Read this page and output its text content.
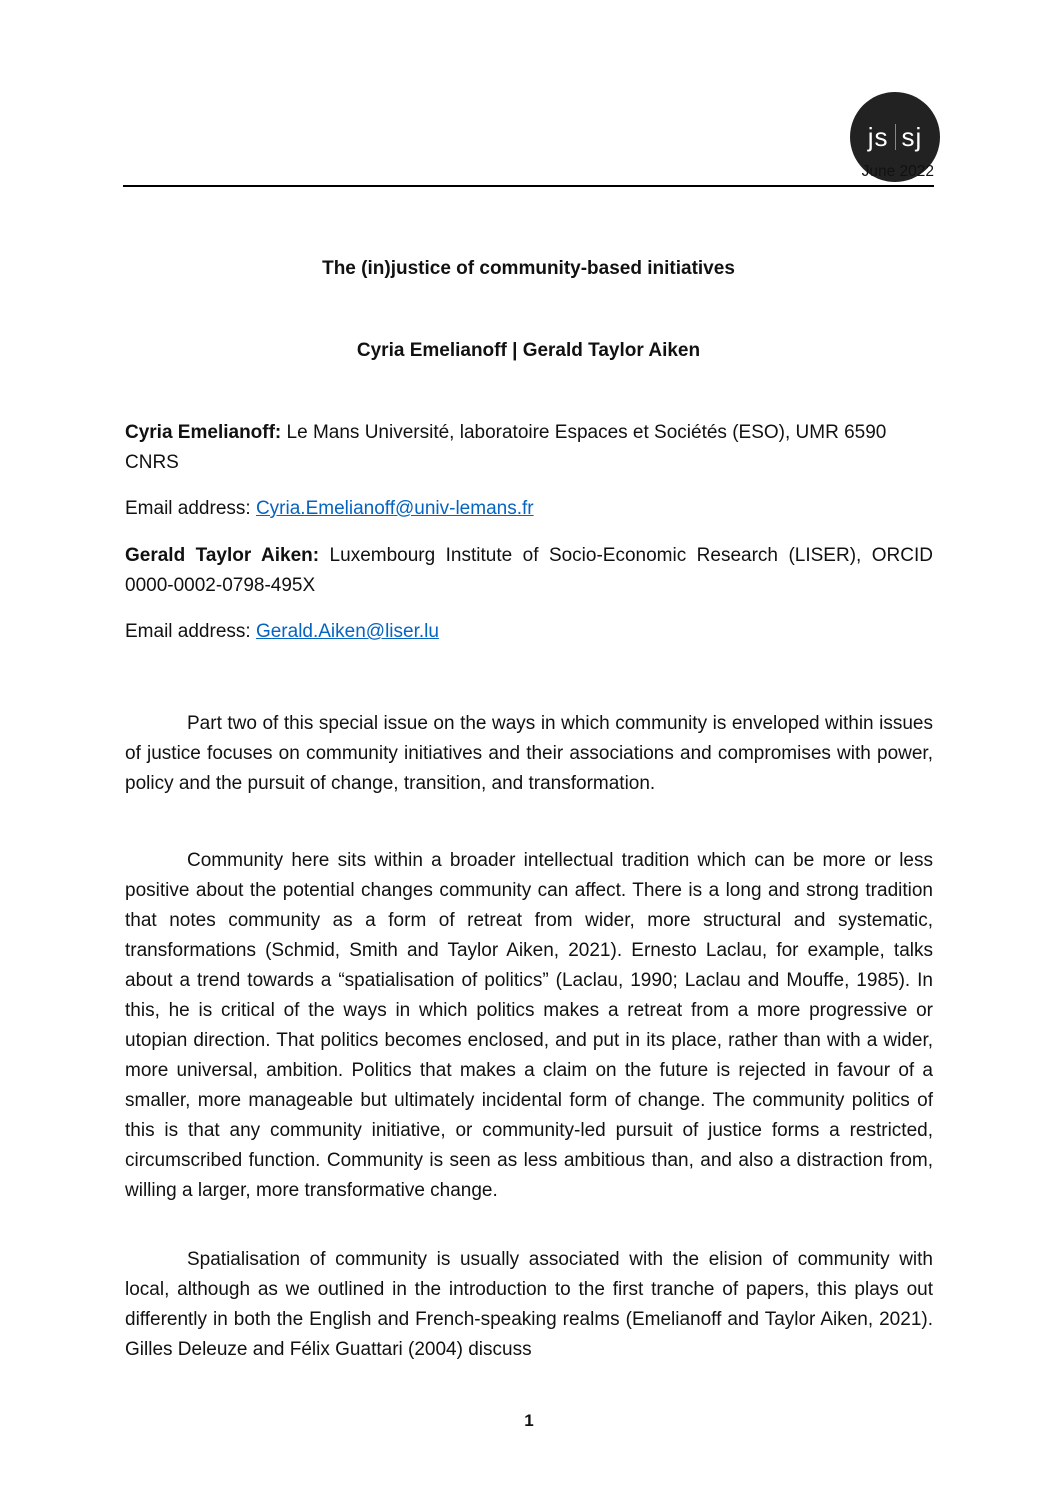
js sj
June 2022
The (in)justice of community-based initiatives
Cyria Emelianoff | Gerald Taylor Aiken
Cyria Emelianoff: Le Mans Université, laboratoire Espaces et Sociétés (ESO), UMR 6590 CNRS
Email address: Cyria.Emelianoff@univ-lemans.fr
Gerald Taylor Aiken: Luxembourg Institute of Socio-Economic Research (LISER), ORCID 0000-0002-0798-495X
Email address: Gerald.Aiken@liser.lu

Part two of this special issue on the ways in which community is enveloped within issues of justice focuses on community initiatives and their associations and compromises with power, policy and the pursuit of change, transition, and transformation.

Community here sits within a broader intellectual tradition which can be more or less positive about the potential changes community can affect. There is a long and strong tradition that notes community as a form of retreat from wider, more structural and systematic, transformations (Schmid, Smith and Taylor Aiken, 2021). Ernesto Laclau, for example, talks about a trend towards a “spatialisation of politics” (Laclau, 1990; Laclau and Mouffe, 1985). In this, he is critical of the ways in which politics makes a retreat from a more progressive or utopian direction. That politics becomes enclosed, and put in its place, rather than with a wider, more universal, ambition. Politics that makes a claim on the future is rejected in favour of a smaller, more manageable but ultimately incidental form of change. The community politics of this is that any community initiative, or community-led pursuit of justice forms a restricted, circumscribed function. Community is seen as less ambitious than, and also a distraction from, willing a larger, more transformative change.

Spatialisation of community is usually associated with the elision of community with local, although as we outlined in the introduction to the first tranche of papers, this plays out differently in both the English and French-speaking realms (Emelianoff and Taylor Aiken, 2021). Gilles Deleuze and Félix Guattari (2004) discuss

1
